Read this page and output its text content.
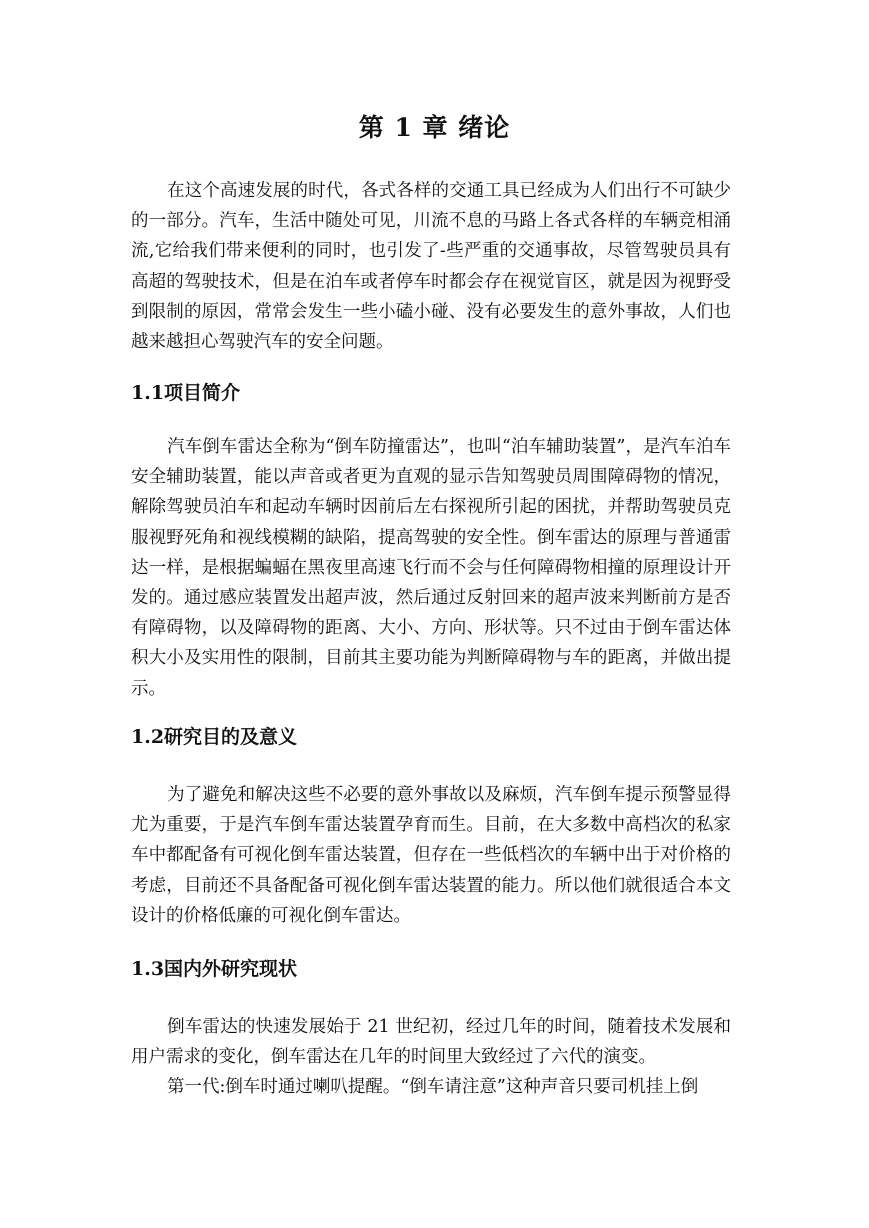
第 1 章 绪论

在这个高速发展的时代，各式各样的交通工具已经成为人们出行不可缺少的一部分。汽车，生活中随处可见，川流不息的马路上各式各样的车辆竞相涌流,它给我们带来便利的同时，也引发了-些严重的交通事故，尽管驾驶员具有高超的驾驶技术，但是在泊车或者停车时都会存在视觉盲区，就是因为视野受到限制的原因，常常会发生一些小磕小碰、没有必要发生的意外事故，人们也越来越担心驾驶汽车的安全问题。

1.1项目简介

汽车倒车雷达全称为“倒车防撞雷达”，也叫“泊车辅助装置”，是汽车泊车安全辅助装置，能以声音或者更为直观的显示告知驾驶员周围障碍物的情况，解除驾驶员泊车和起动车辆时因前后左右探视所引起的困扰，并帮助驾驶员克服视野死角和视线模糊的缺陷，提高驾驶的安全性。倒车雷达的原理与普通雷达一样，是根据蝙蝠在黑夜里高速飞行而不会与任何障碍物相撞的原理设计开发的。通过感应装置发出超声波，然后通过反射回来的超声波来判断前方是否有障碍物，以及障碍物的距离、大小、方向、形状等。只不过由于倒车雷达体积大小及实用性的限制，目前其主要功能为判断障碍物与车的距离，并做出提示。

1.2研究目的及意义

为了避免和解决这些不必要的意外事故以及麻烦，汽车倒车提示预警显得尤为重要，于是汽车倒车雷达装置孕育而生。目前，在大多数中高档次的私家车中都配备有可视化倒车雷达装置，但存在一些低档次的车辆中出于对价格的考虑，目前还不具备配备可视化倒车雷达装置的能力。所以他们就很适合本文设计的价格低廉的可视化倒车雷达。

1.3国内外研究现状

倒车雷达的快速发展始于 21 世纪初，经过几年的时间，随着技术发展和用户需求的变化，倒车雷达在几年的时间里大致经过了六代的演变。

第一代:倒车时通过喇叭提醒。“倒车请注意”这种声音只要司机挂上倒
